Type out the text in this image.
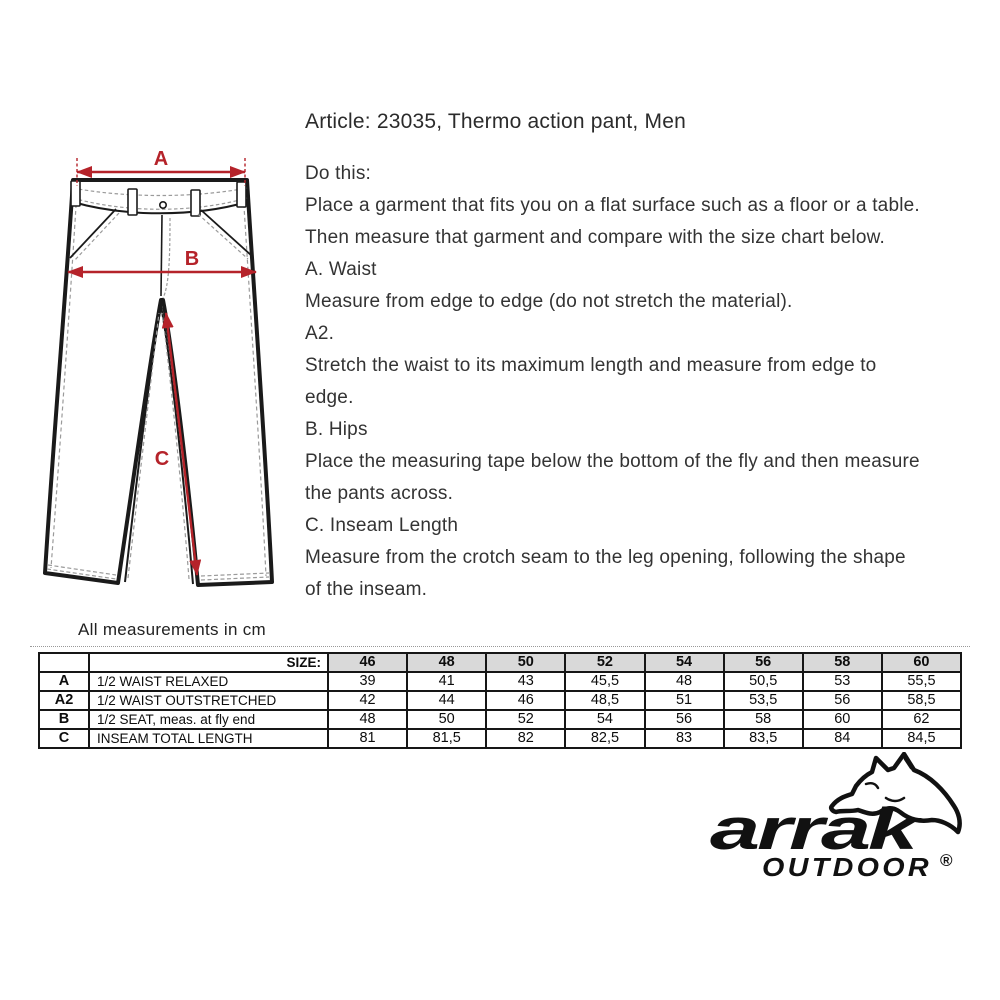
A
B
C
All measurements in cm
Article: 23035, Thermo action pant, Men
Do this:
Place a garment that fits you on a flat surface such as a floor or a table.
Then measure that garment and compare with the size chart below.
A. Waist
Measure from edge to edge (do not stretch the material).
A2.
Stretch the waist to its maximum length and measure from edge to
edge.
B. Hips
Place the measuring tape below the bottom of the fly and then measure
the pants across.
C. Inseam Length
Measure from the crotch seam to the leg opening, following the shape
of the inseam.
	SIZE:	46	48	50	52	54	56	58	60
A	1/2 WAIST RELAXED	39	41	43	45,5	48	50,5	53	55,5
A2	1/2 WAIST OUTSTRETCHED	42	44	46	48,5	51	53,5	56	58,5
B	1/2 SEAT, meas. at fly end	48	50	52	54	56	58	60	62
C	INSEAM TOTAL LENGTH	81	81,5	82	82,5	83	83,5	84	84,5
arrak
OUTDOOR ®
